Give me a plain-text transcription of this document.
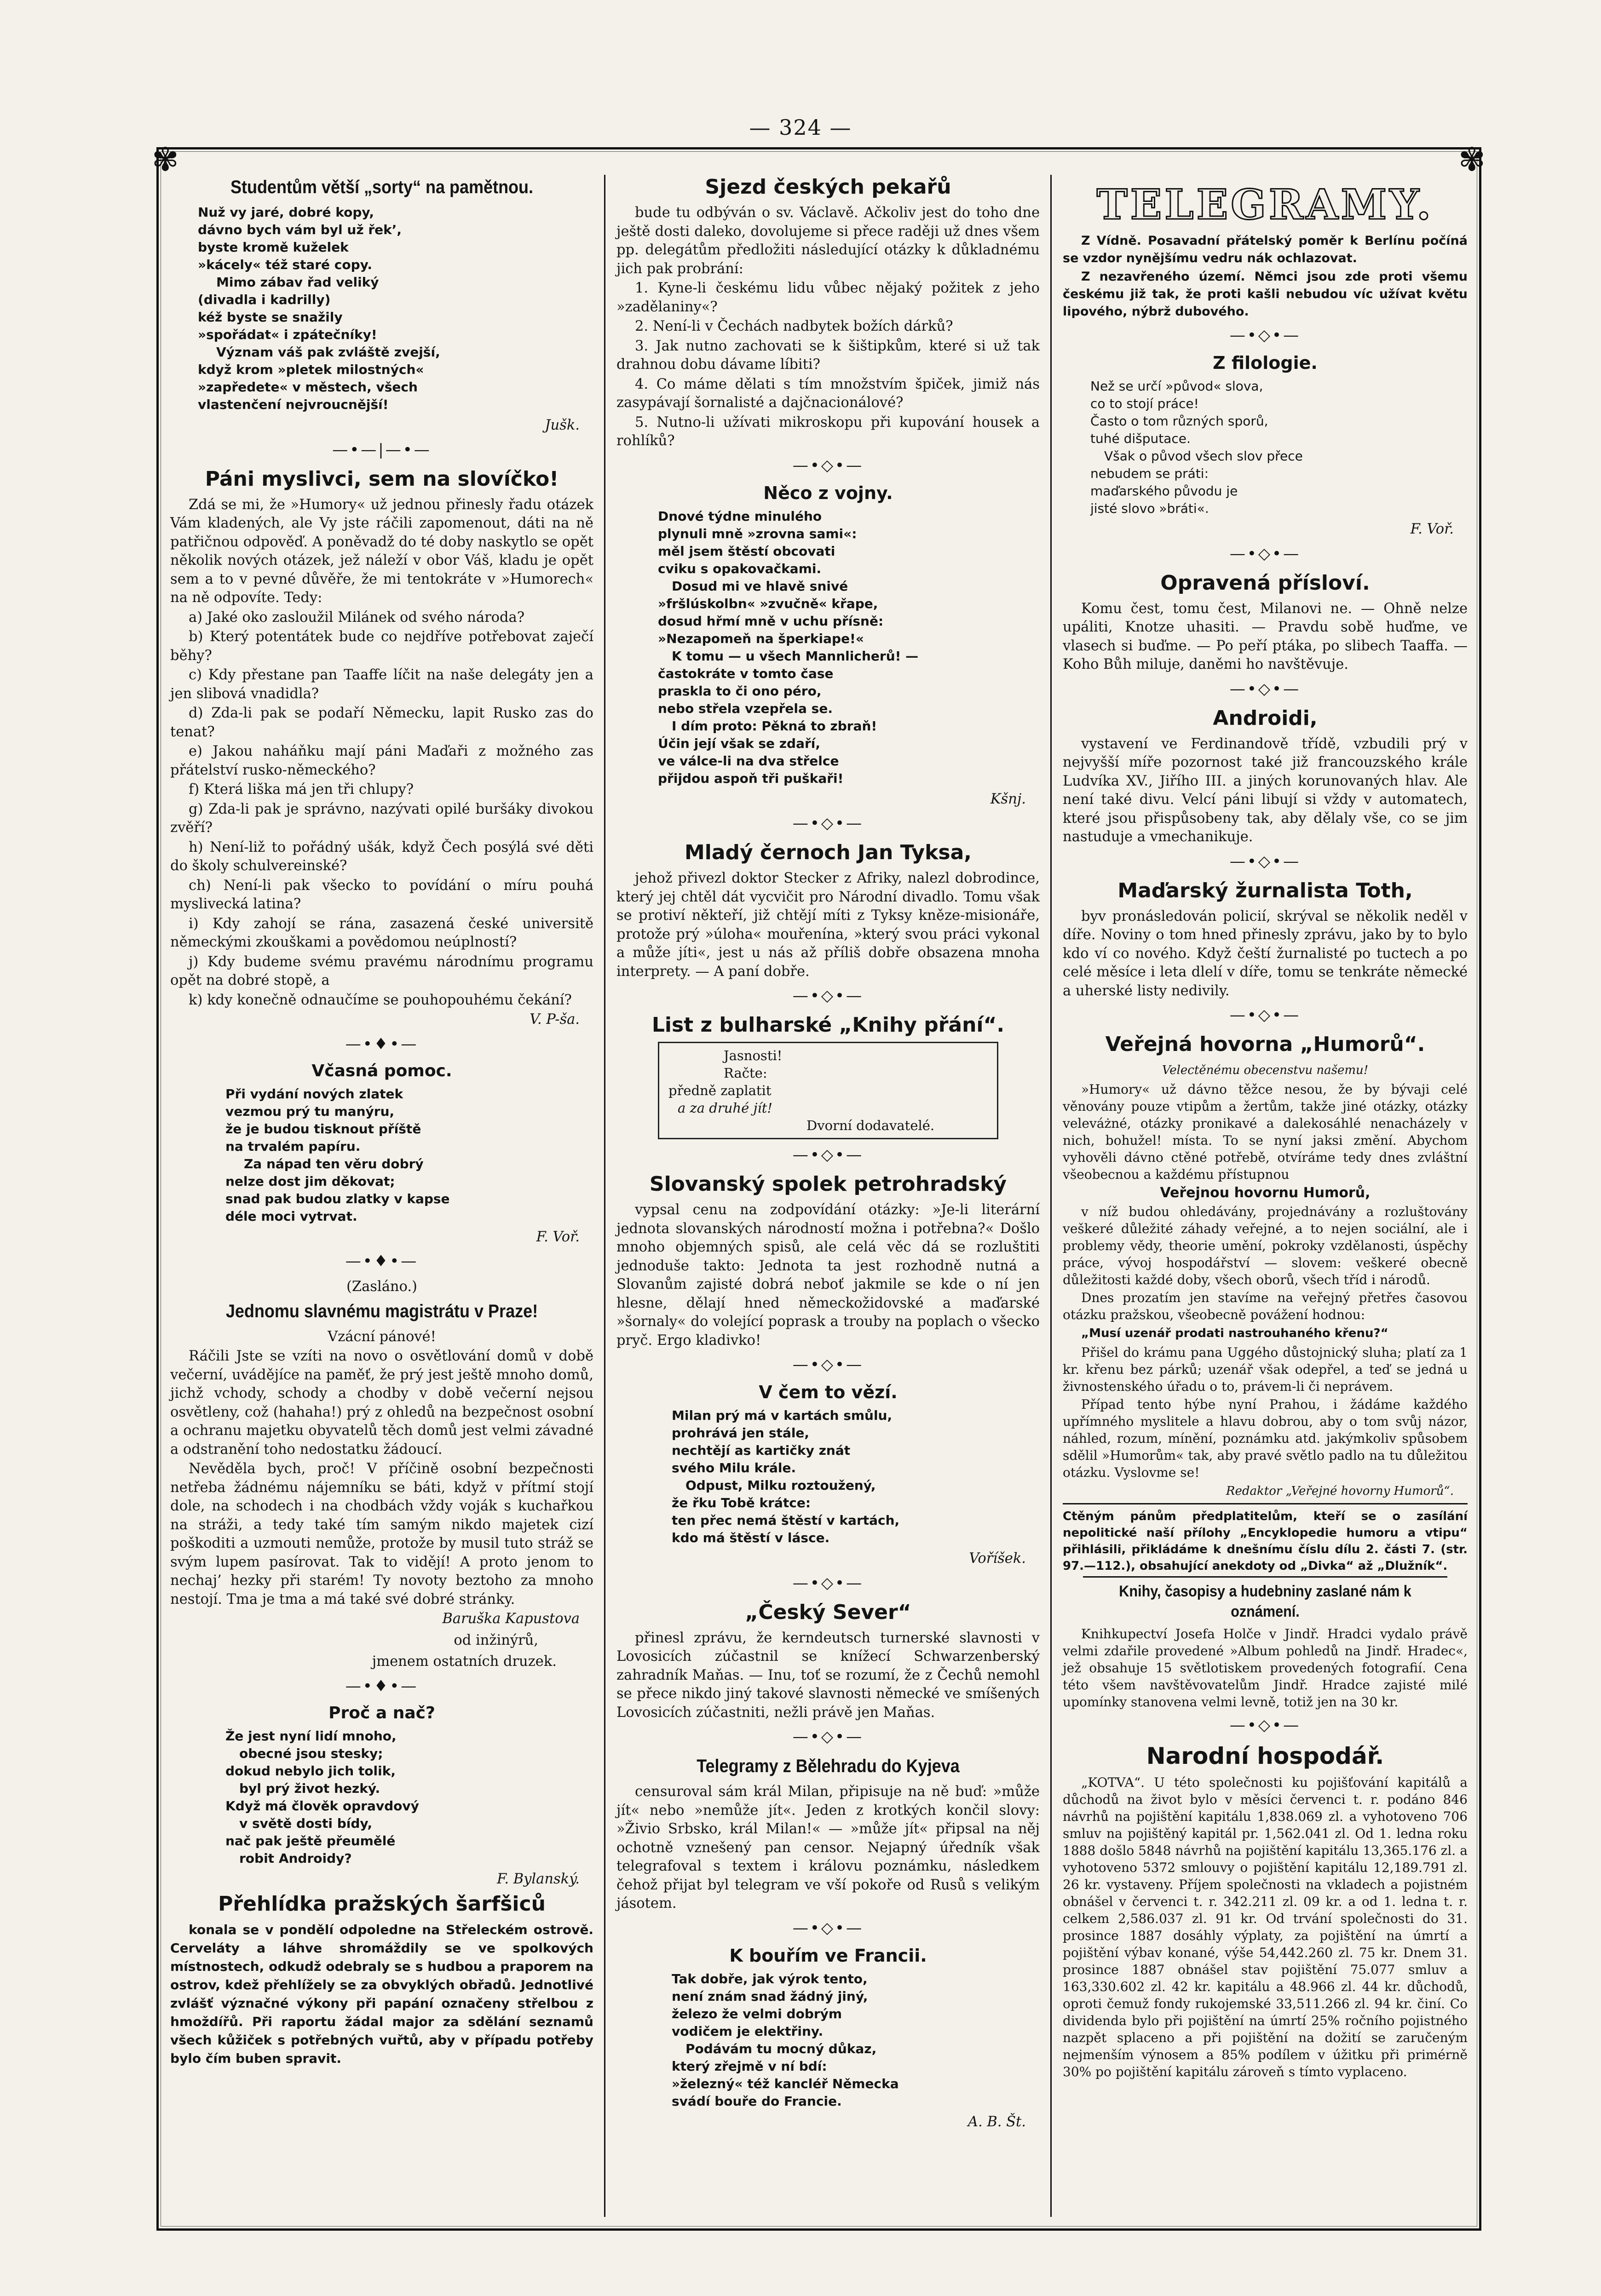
— 324 —
✾	✾
Studentům větší „sorty“ na pamětnou.
Nuž vy jaré, dobré kopy,
dávno bych vám byl už řek’,
byste kromě kuželek
»kácely« též staré copy.
Mimo zábav řad veliký
(divadla i kadrilly)
kéž byste se snažily
»spořádat« i zpátečníky!
Význam váš pak zvláště zvejší,
když krom »pletek milostných«
»zapředete« v městech, všech
vlastenčení nejvroucnější!
Jušk.
—•—|—•—
Páni myslivci, sem na slovíčko!

Zdá se mi, že »Humory« už jednou přinesly řadu otázek Vám kladených, ale Vy jste ráčili zapomenout, dáti na ně patřičnou odpověď. A poněvadž do té doby naskytlo se opět několik nových otázek, jež náleží v obor Váš, kladu je opět sem a to v pevné důvěře, že mi tentokráte v »Humorech« na ně odpovíte. Tedy:

a) Jaké oko zasloužil Milánek od svého národa?

b) Který potentátek bude co nejdříve potřebovat zaječí běhy?

c) Kdy přestane pan Taaffe líčit na naše delegáty jen a jen slibová vnadidla?

d) Zda-li pak se podaří Německu, lapit Rusko zas do tenat?

e) Jakou naháňku mají páni Maďaři z možného zas přátelství rusko-německého?

f) Která liška má jen tři chlupy?

g) Zda-li pak je správno, nazývati opilé buršáky divokou zvěří?

h) Není-liž to pořádný ušák, když Čech posýlá své děti do školy schulvereinské?

ch) Není-li pak všecko to povídání o míru pouhá myslivecká latina?

i) Kdy zahojí se rána, zasazená české universitě německými zkouškami a povědomou neúplností?

j) Kdy budeme svému pravému národnímu programu opět na dobré stopě, a

k) kdy konečně odnaučíme se pouhopouhému čekání?

V. P-ša.
—•♦•—
Včasná pomoc.
Při vydání nových zlatek
vezmou prý tu manýru,
že je budou tisknout příště
na trvalém papíru.
Za nápad ten věru dobrý
nelze dost jim děkovat;
snad pak budou zlatky v kapse
déle moci vytrvat.
F. Voř.
—•♦•—

(Zasláno.)

Jednomu slavnému magistrátu v Praze!

Vzácní pánové!

Ráčili Jste se vzíti na novo o osvětlování domů v době večerní, uvádějíce na paměť, že prý jest ještě mnoho domů, jichž vchody, schody a chodby v době večerní nejsou osvětleny, což (hahaha!) prý z ohledů na bezpečnost osobní a ochranu majetku obyvatelů těch domů jest velmi závadné a odstranění toho nedostatku žádoucí.

Nevěděla bych, proč! V příčině osobní bezpečnosti netřeba žádnému nájemníku se báti, když v přítmí stojí dole, na schodech i na chodbách vždy voják s kuchařkou na stráži, a tedy také tím samým nikdo majetek cizí poškoditi a uzmouti nemůže, protože by musil tuto stráž se svým lupem pasírovat. Tak to vidějí! A proto jenom to nechaj’ hezky při starém! Ty novoty beztoho za mnoho nestojí. Tma je tma a má také své dobré stránky.

Baruška Kapustova
od inžinýrů,
jmenem ostatních druzek.
—•♦•—
Proč a nač?
Že jest nyní lidí mnoho,
obecné jsou stesky;
dokud nebylo jich tolik,
byl prý život hezký.
Když má člověk opravdový
v světě dosti bídy,
nač pak ještě přeumělé
robit Androidy?
F. Bylanský.
Přehlídka pražských šarfšiců

konala se v pondělí odpoledne na Střeleckém ostrově. Cerveláty a láhve shromáždily se ve spolkových místnostech, odkudž odebraly se s hudbou a praporem na ostrov, kdež přehlížely se za obvyklých obřadů. Jednotlivé zvlášť význačné výkony při papání označeny střelbou z hmoždířů. Při raportu žádal major za sdělání seznamů všech kůžiček s potřebných vuřtů, aby v případu potřeby bylo čím buben spravit.

Sjezd českých pekařů

bude tu odbýván o sv. Václavě. Ačkoliv jest do toho dne ještě dosti daleko, dovolujeme si přece raději už dnes všem pp. delegátům předložiti následující otázky k důkladnému jich pak probrání:

1. Kyne-li českému lidu vůbec nějaký požitek z jeho »zadělaniny«?

2. Není-li v Čechách nadbytek božích dárků?

3. Jak nutno zachovati se k šištipkům, které si už tak drahnou dobu dávame líbiti?

4. Co máme dělati s tím množstvím špiček, jimiž nás zasypávají šornalisté a dajčnacionálové?

5. Nutno-li užívati mikroskopu při kupování housek a rohlíků?

—•◇•—
Něco z vojny.
Dnové týdne minulého
plynuli mně »zrovna sami«:
měl jsem štěstí obcovati
cviku s opakovačkami.
Dosud mi ve hlavě snivé
»fršlúskolbn« »zvučně« křape,
dosud hřmí mně v uchu přísně:
»Nezapomeň na šperkiape!«
K tomu — u všech Mannlicherů! —
častokráte v tomto čase
praskla to či ono péro,
nebo střela vzepřela se.
I dím proto: Pěkná to zbraň!
Účin její však se zdaří,
ve válce-li na dva střelce
přijdou aspoň tři puškaři!
Kšnj.
—•◇•—
Mladý černoch Jan Tyksa,

jehož přivezl doktor Stecker z Afriky, nalezl dobrodince, který jej chtěl dát vycvičit pro Národní divadlo. Tomu však se protiví někteří, již chtějí míti z Tyksy kněze-misionáře, protože prý »úloha« mouřenína, »který svou práci vykonal a může jíti«, jest u nás až příliš dobře obsazena mnoha interprety. — A paní dobře.

—•◇•—
List z bulharské „Knihy přání“.
Jasnosti!
Račte:
předně zaplatit
a za druhé jít!
Dvorní dodavatelé.
—•◇•—
Slovanský spolek petrohradský

vypsal cenu na zodpovídání otázky: »Je-li literární jednota slovanských národností možna i potřebna?« Došlo mnoho objemných spisů, ale celá věc dá se rozluštiti jednoduše takto: Jednota ta jest rozhodně nutná a Slovanům zajisté dobrá neboť jakmile se kde o ní jen hlesne, dělají hned německožidovské a maďarské »šornaly« do volející poprask a trouby na poplach o všecko pryč. Ergo kladivko!

—•◇•—
V čem to vězí.
Milan prý má v kartách smůlu,
prohrává jen stále,
nechtějí as kartičky znát
svého Milu krále.
Odpust, Milku roztoužený,
že řku Tobě krátce:
ten přec nemá štěstí v kartách,
kdo má štěstí v lásce.
Voříšek.
—•◇•—
„Český Sever“

přinesl zprávu, že kerndeutsch turnerské slavnosti v Lovosicích zúčastnil se knížecí Schwarzenberský zahradník Maňas. — Inu, toť se rozumí, že z Čechů nemohl se přece nikdo jiný takové slavnosti německé ve smíšených Lovosicích zúčastniti, nežli právě jen Maňas.

—•◇•—
Telegramy z Bělehradu do Kyjeva

censuroval sám král Milan, připisuje na ně buď: »může jít« nebo »nemůže jít«. Jeden z krotkých končil slovy: »Živio Srbsko, král Milan!« — »může jít« připsal na něj ochotně vznešený pan censor. Nejapný úředník však telegrafoval s textem i královu poznámku, následkem čehož přijat byl telegram ve vší pokoře od Rusů s velikým jásotem.

—•◇•—
K bouřím ve Francii.
Tak dobře, jak výrok tento,
není znám snad žádný jiný,
železo že velmi dobrým
vodičem je elektřiny.
Podávám tu mocný důkaz,
který zřejmě v ní bdí:
»železný« též kancléř Německa
svádí bouře do Francie.
A. B. Št.
TELEGRAMY.

Z Vídně. Posavadní přátelský poměr k Berlínu počíná se vzdor nynějšímu vedru nák ochlazovat.

Z nezavřeného území. Němci jsou zde proti všemu českému již tak, že proti kašli nebudou víc užívat květu lipového, nýbrž dubového.

—•◇•—
Z filologie.
Než se určí »původ« slova,
co to stojí práce!
Často o tom různých sporů,
tuhé dišputace.
Však o původ všech slov přece
nebudem se práti:
maďarského původu je
jisté slovo »bráti«.
F. Voř.
—•◇•—
Opravená přísloví.

Komu čest, tomu čest, Milanovi ne. — Ohně nelze upáliti, Knotze uhasiti. — Pravdu sobě huďme, ve vlasech si buďme. — Po peří ptáka, po slibech Taaffa. — Koho Bůh miluje, daněmi ho navštěvuje.

—•◇•—
Androidi,

vystavení ve Ferdinandově třídě, vzbudili prý v nejvyšší míře pozornost také již francouzského krále Ludvíka XV., Jiřího III. a jiných korunovaných hlav. Ale není také divu. Velcí páni libují si vždy v automatech, které jsou přispůsobeny tak, aby dělaly vše, co se jim nastuduje a vmechanikuje.

—•◇•—
Maďarský žurnalista Toth,

byv pronásledován policií, skrýval se několik neděl v díře. Noviny o tom hned přinesly zprávu, jako by to bylo kdo ví co nového. Když čeští žurnalisté po tuctech a po celé měsíce i leta dlelí v díře, tomu se tenkráte německé a uherské listy nedivily.

—•◇•—
Veřejná hovorna „Humorů“.

Velectěnému obecenstvu našemu!

»Humory« už dávno těžce nesou, že by bývaji celé věnovány pouze vtipům a žertům, takže jiné otázky, otázky veleváżné, otázky pronikavé a dalekosáhlé nenacházely v nich, bohužel! místa. To se nyní jaksi změní. Abychom vyhověli dávno ctěné potřebě, otvíráme tedy dnes zvláštní všeobecnou a každému přístupnou

Veřejnou hovornu Humorů,

v níž budou ohledávány, projednávány a rozluštovány veškeré důležité záhady veřejné, a to nejen sociální, ale i problemy vědy, theorie umění, pokroky vzdělanosti, úspěchy práce, vývoj hospodářství — slovem: veškeré obecně důležitosti každé doby, všech oborů, všech tříd i národů.

Dnes prozatím jen stavíme na veřejný přetřes časovou otázku pražskou, všeobecně povážení hodnou:

„Musí uzenář prodati nastrouhaného křenu?“

Přišel do krámu pana Uggého důstojnický sluha; platí za 1 kr. křenu bez párků; uzenář však odepřel, a teď se jedná u živnostenského úřadu o to, právem-li či neprávem.

Případ tento hýbe nyní Prahou, i žádáme každého upřímného myslitele a hlavu dobrou, aby o tom svůj názor, náhled, rozum, mínění, poznámku atd. jakýmkoliv spůsobem sdělil »Humorům« tak, aby pravé světlo padlo na tu důležitou otázku. Vyslovme se!

Redaktor „Veřejné hovorny Humorů“.

Ctěným pánům předplatitelům, kteří se o zasílání nepolitické naší přílohy „Encyklopedie humoru a vtipu“ přihlásili, přikládáme k dnešnímu číslu dílu 2. části 7. (str. 97.—112.), obsahující anekdoty od „Divka“ až „Dlužník“.

Knihy, časopisy a hudebniny zaslané nám k oznámení.

Knihkupectví Josefa Holče v Jindř. Hradci vydalo právě velmi zdařile provedené »Album pohledů na Jindř. Hradec«, jež obsahuje 15 světlotiskem provedených fotografií. Cena této všem navštěvovatelům Jindř. Hradce zajisté milé upomínky stanovena velmi levně, totiž jen na 30 kr.

—•◇•—
Narodní hospodář.

„KOTVA“. U této společnosti ku pojišťování kapitálů a důchodů na život bylo v měsíci červenci t. r. podáno 846 návrhů na pojištění kapitálu 1,838.069 zl. a vyhotoveno 706 smluv na pojištěný kapitál pr. 1,562.041 zl. Od 1. ledna roku 1888 došlo 5848 návrhů na pojištění kapitálu 13,365.176 zl. a vyhotoveno 5372 smlouvy o pojištění kapitálu 12,189.791 zl. 26 kr. vystaveny. Příjem společnosti na vkladech a pojistném obnášel v červenci t. r. 342.211 zl. 09 kr. a od 1. ledna t. r. celkem 2,586.037 zl. 91 kr. Od trvání společnosti do 31. prosince 1887 dosáhly výplaty, za pojištění na úmrtí a pojištění výbav konané, výše 54,442.260 zl. 75 kr. Dnem 31. prosince 1887 obnášel stav pojištění 75.077 smluv a 163,330.602 zl. 42 kr. kapitálu a 48.966 zl. 44 kr. důchodů, oproti čemuž fondy rukojemské 33,511.266 zl. 94 kr. činí. Co dividenda bylo při pojištění na úmrtí 25% ročního pojistného nazpět splaceno a při pojištění na dožití se zaručeným nejmenším výnosem a 85% podílem v úžitku při primérně 30% po pojištění kapitálu zároveň s tímto vyplaceno.
